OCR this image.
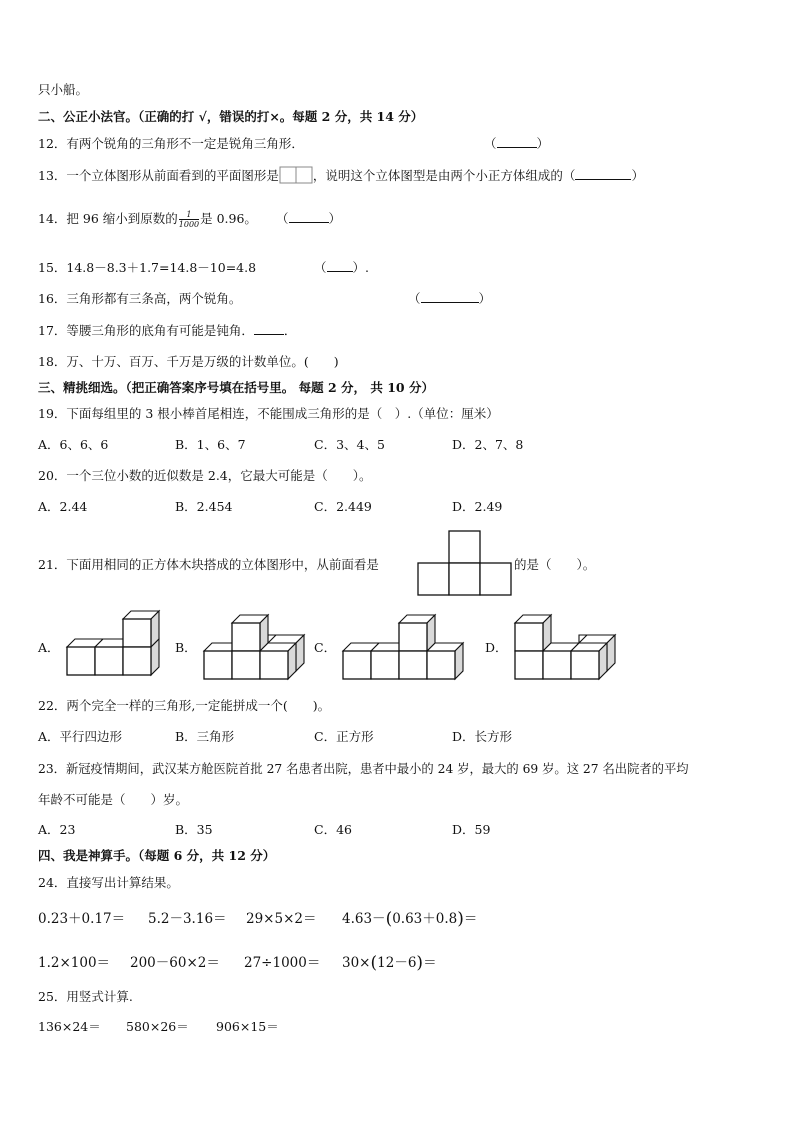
只小船。
二、公正小法官。（正确的打 √，错误的打×。每题 2 分，共 14 分）
12．有两个锐角的三角形不一定是锐角三角形．	（	）
13．一个立体图形从前面看到的平面图形是	，说明这个立体图型是由两个小正方体组成的（	）
14．把 96 缩小到原数的 $\frac{1}{1000}$ 是 0.96。 （	）
15．14.8－8.3＋1.7=14.8－10=4.8	（ ）.
16．三角形都有三条高，两个锐角。	（	）
17．等腰三角形的底角有可能是钝角． ．
18．万、十万、百万、千万是万级的计数单位。(　　)
三、精挑细选。（把正确答案序号填在括号里。 每题 2 分， 共 10 分）
19．下面每组里的 3 根小棒首尾相连，不能围成三角形的是（　）.（单位：厘米）
A．6、6、6	B．1、6、7	C．3、4、5	D．2、7、8
20．一个三位小数的近似数是 2.4，它最大可能是（　　）。
A．2.44	B．2.454	C．2.449	D．2.49
21．下面用相同的正方体木块搭成的立体图形中，从前面看是	的是（　　）。
A．	B．	C．	D．
22．两个完全一样的三角形,一定能拼成一个(　　)。
A．平行四边形	B．三角形	C．正方形	D．长方形
23．新冠疫情期间，武汉某方舱医院首批 27 名患者出院，患者中最小的 24 岁，最大的 69 岁。这 27 名出院者的平均
年龄不可能是（　　）岁。
A．23	B．35	C．46	D．59
四、我是神算手。（每题 6 分，共 12 分）
24．直接写出计算结果。
0.23＋0.17＝ 5.2－3.16＝ 29×5×2＝ 4.63－(0.63＋0.8)＝
1.2×100＝ 200－60×2＝ 27÷1000＝ 30×(12－6)＝
25．用竖式计算.
136×24＝ 580×26＝ 906×15＝
